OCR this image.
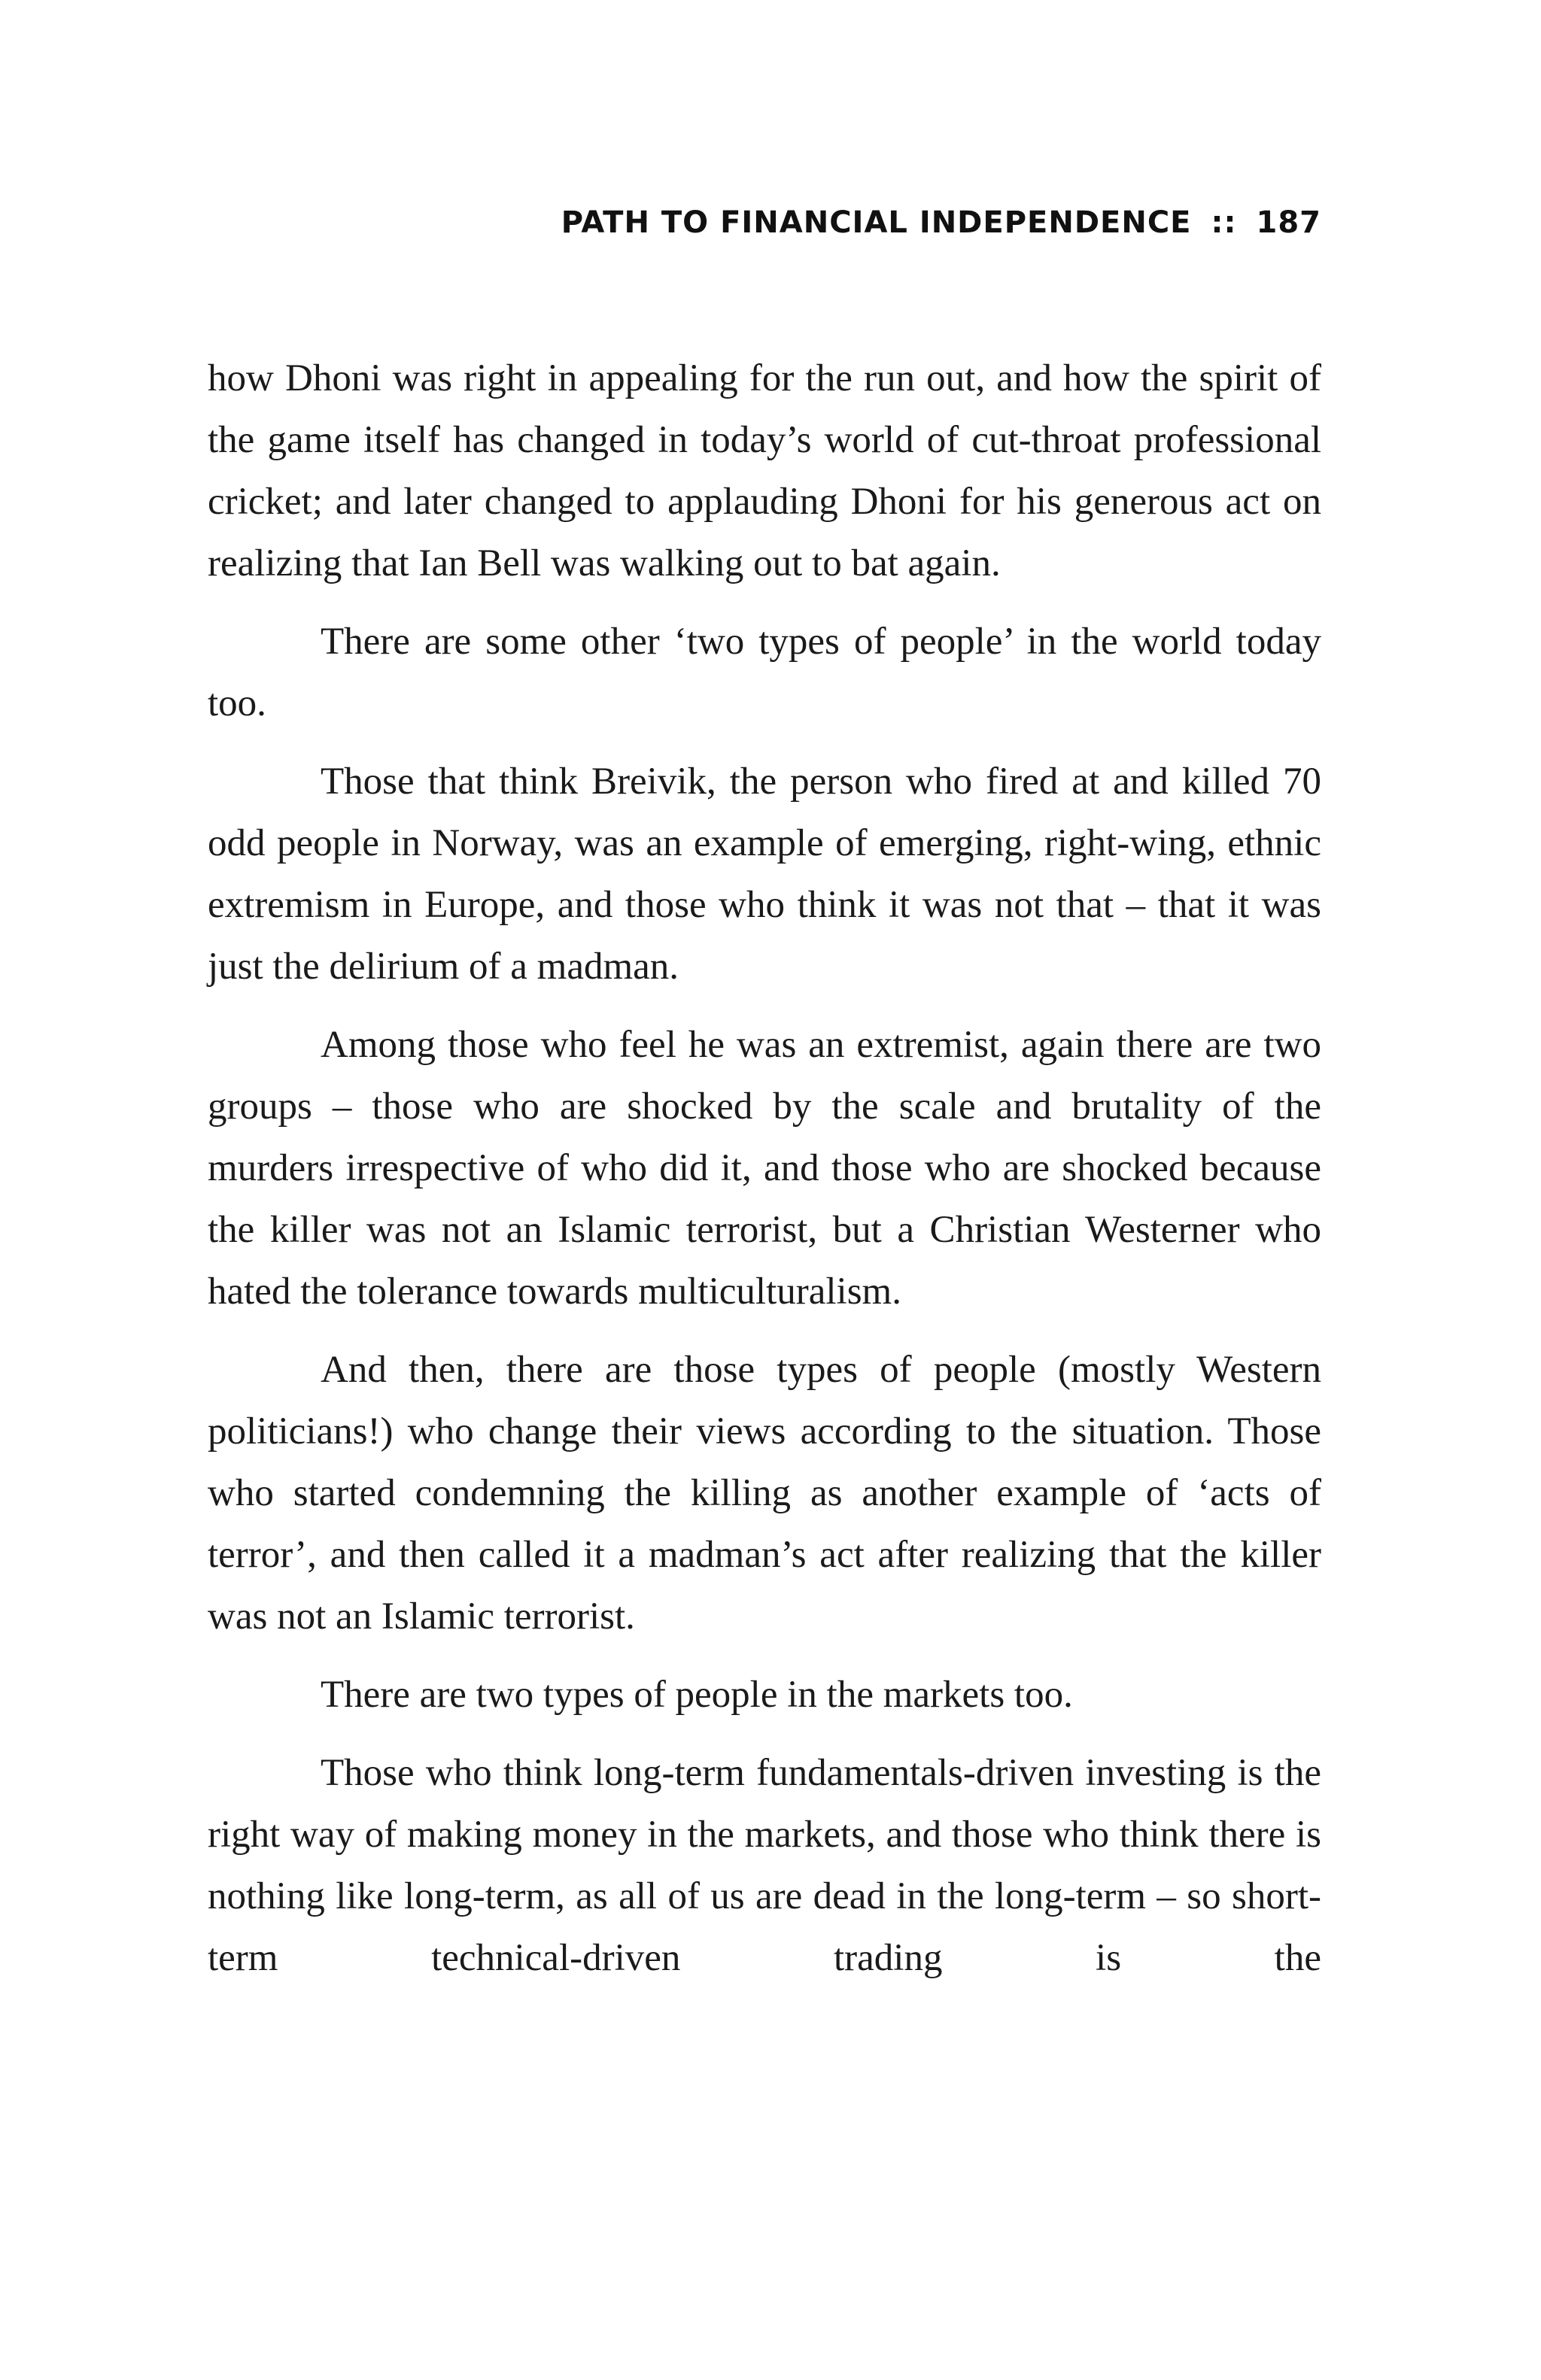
PATH TO FINANCIAL INDEPENDENCE :: 187

how Dhoni was right in appealing for the run out, and how the spirit of the game itself has changed in today’s world of cut-throat professional cricket; and later changed to applauding Dhoni for his generous act on realizing that Ian Bell was walking out to bat again.

There are some other ‘two types of people’ in the world today too.

Those that think Breivik, the person who fired at and killed 70 odd people in Norway, was an example of emerging, right-wing, ethnic extremism in Europe, and those who think it was not that – that it was just the delirium of a madman.

Among those who feel he was an extremist, again there are two groups – those who are shocked by the scale and brutality of the murders irrespective of who did it, and those who are shocked because the killer was not an Islamic terrorist, but a Christian Westerner who hated the tolerance towards multiculturalism.

And then, there are those types of people (mostly Western politicians!) who change their views according to the situation. Those who started condemning the killing as another example of ‘acts of terror’, and then called it a madman’s act after realizing that the killer was not an Islamic terrorist.

There are two types of people in the markets too.

Those who think long-term fundamentals-driven investing is the right way of making money in the markets, and those who think there is nothing like long-term, as all of us are dead in the long-term – so short-term technical-driven trading is the
